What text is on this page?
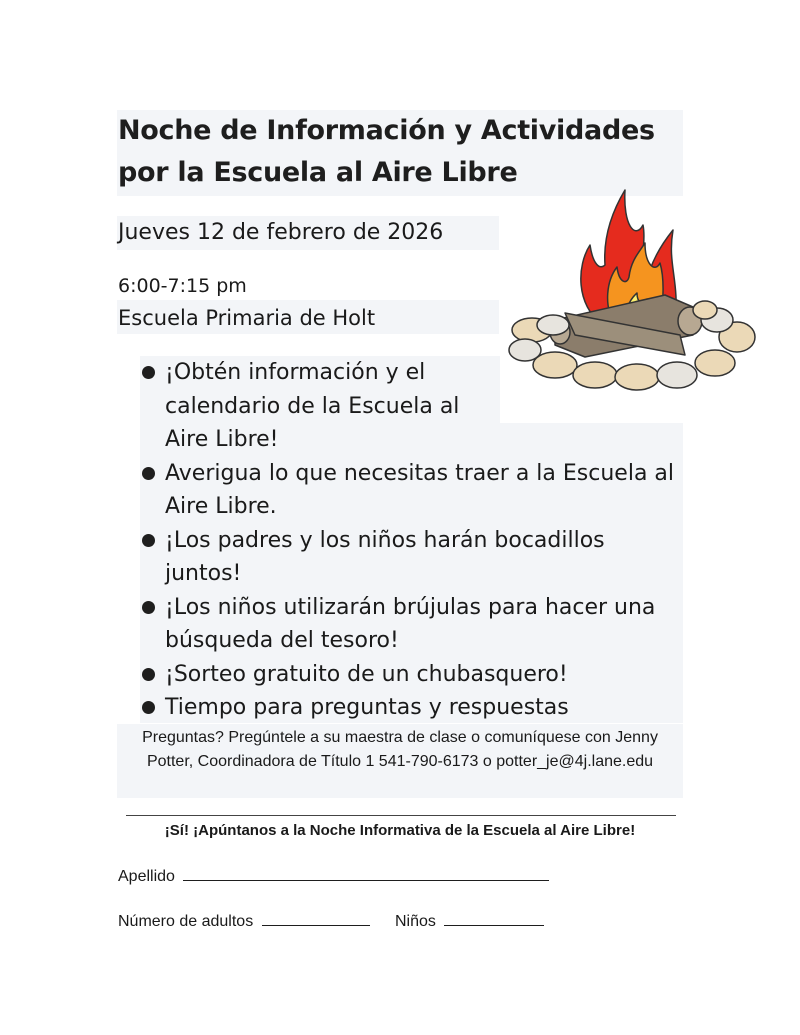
Noche de Información y Actividades por la Escuela al Aire Libre
Jueves 12 de febrero de 2026
6:00-7:15 pm
Escuela Primaria de Holt
¡Obtén información y el calendario de la Escuela al Aire Libre!
Averigua lo que necesitas traer a la Escuela al Aire Libre.
¡Los padres y los niños harán bocadillos juntos!
¡Los niños utilizarán brújulas para hacer una búsqueda del tesoro!
¡Sorteo gratuito de un chubasquero!
Tiempo para preguntas y respuestas
Preguntas? Pregúntele a su maestra de clase o comuníquese con Jenny Potter, Coordinadora de Título 1 541-790-6173 o potter_je@4j.lane.edu
¡Sí! ¡Apúntanos a la Noche Informativa de la Escuela al Aire Libre!
Apellido
Número de adultos	Niños
